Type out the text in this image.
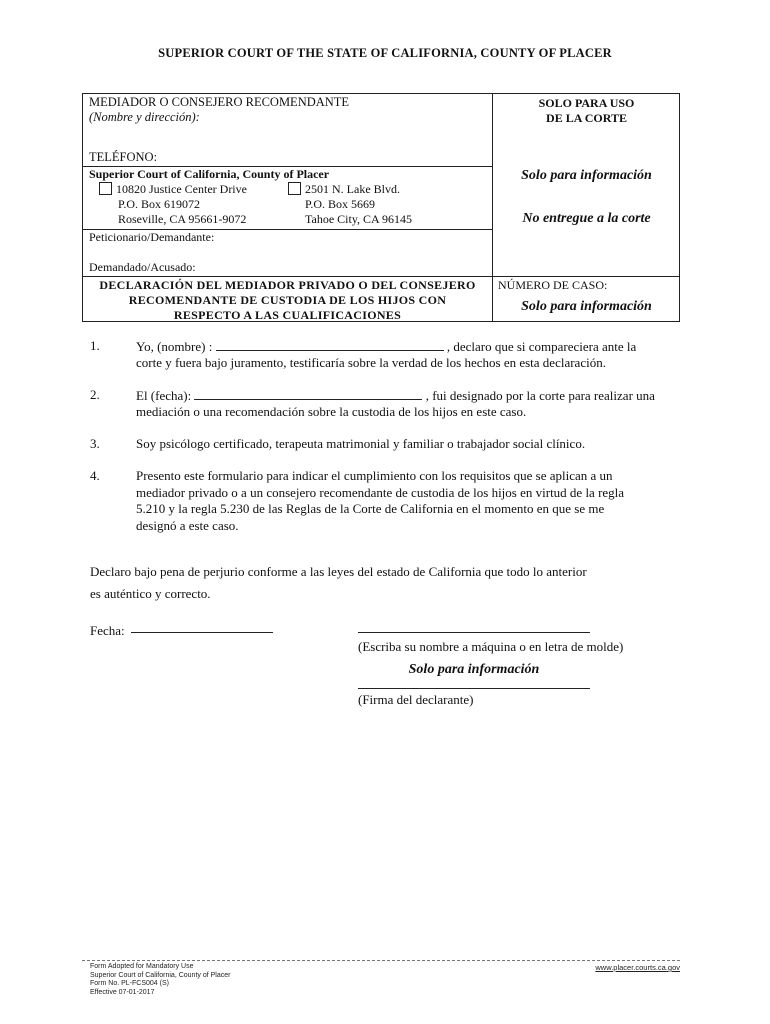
SUPERIOR COURT OF THE STATE OF CALIFORNIA, COUNTY OF PLACER
MEDIADOR O CONSEJERO RECOMENDANTE
(Nombre y dirección):
TELÉFONO:
Superior Court of California, County of Placer
10820 Justice Center Drive
P.O. Box 619072
Roseville, CA 95661-9072
2501 N. Lake Blvd.
P.O. Box 5669
Tahoe City, CA 96145
Peticionario/Demandante:
Demandado/Acusado:
DECLARACIÓN DEL MEDIADOR PRIVADO O DEL CONSEJERO
RECOMENDANTE DE CUSTODIA DE LOS HIJOS CON
RESPECTO A LAS CUALIFICACIONES
SOLO PARA USO
DE LA CORTE
Solo para información
No entregue a la corte
NÚMERO DE CASO:
Solo para información
1.	Yo, (nombre) :	, declaro que si compareciera ante la
corte y fuera bajo juramento, testificaría sobre la verdad de los hechos en esta declaración.
2.	El (fecha):	, fui designado por la corte para realizar una
mediación o una recomendación sobre la custodia de los hijos en este caso.
3.	Soy psicólogo certificado, terapeuta matrimonial y familiar o trabajador social clínico.
4.	Presento este formulario para indicar el cumplimiento con los requisitos que se aplican a un
mediador privado o a un consejero recomendante de custodia de los hijos en virtud de la regla
5.210 y la regla 5.230 de las Reglas de la Corte de California en el momento en que se me
designó a este caso.
Declaro bajo pena de perjurio conforme a las leyes del estado de California que todo lo anterior
es auténtico y correcto.
Fecha:
(Escriba su nombre a máquina o en letra de molde)
Solo para información
(Firma del declarante)
Form Adopted for Mandatory Use
Superior Court of California, County of Placer
Form No. PL-FCS004 (S)
Effective 07-01-2017
www.placer.courts.ca.gov
